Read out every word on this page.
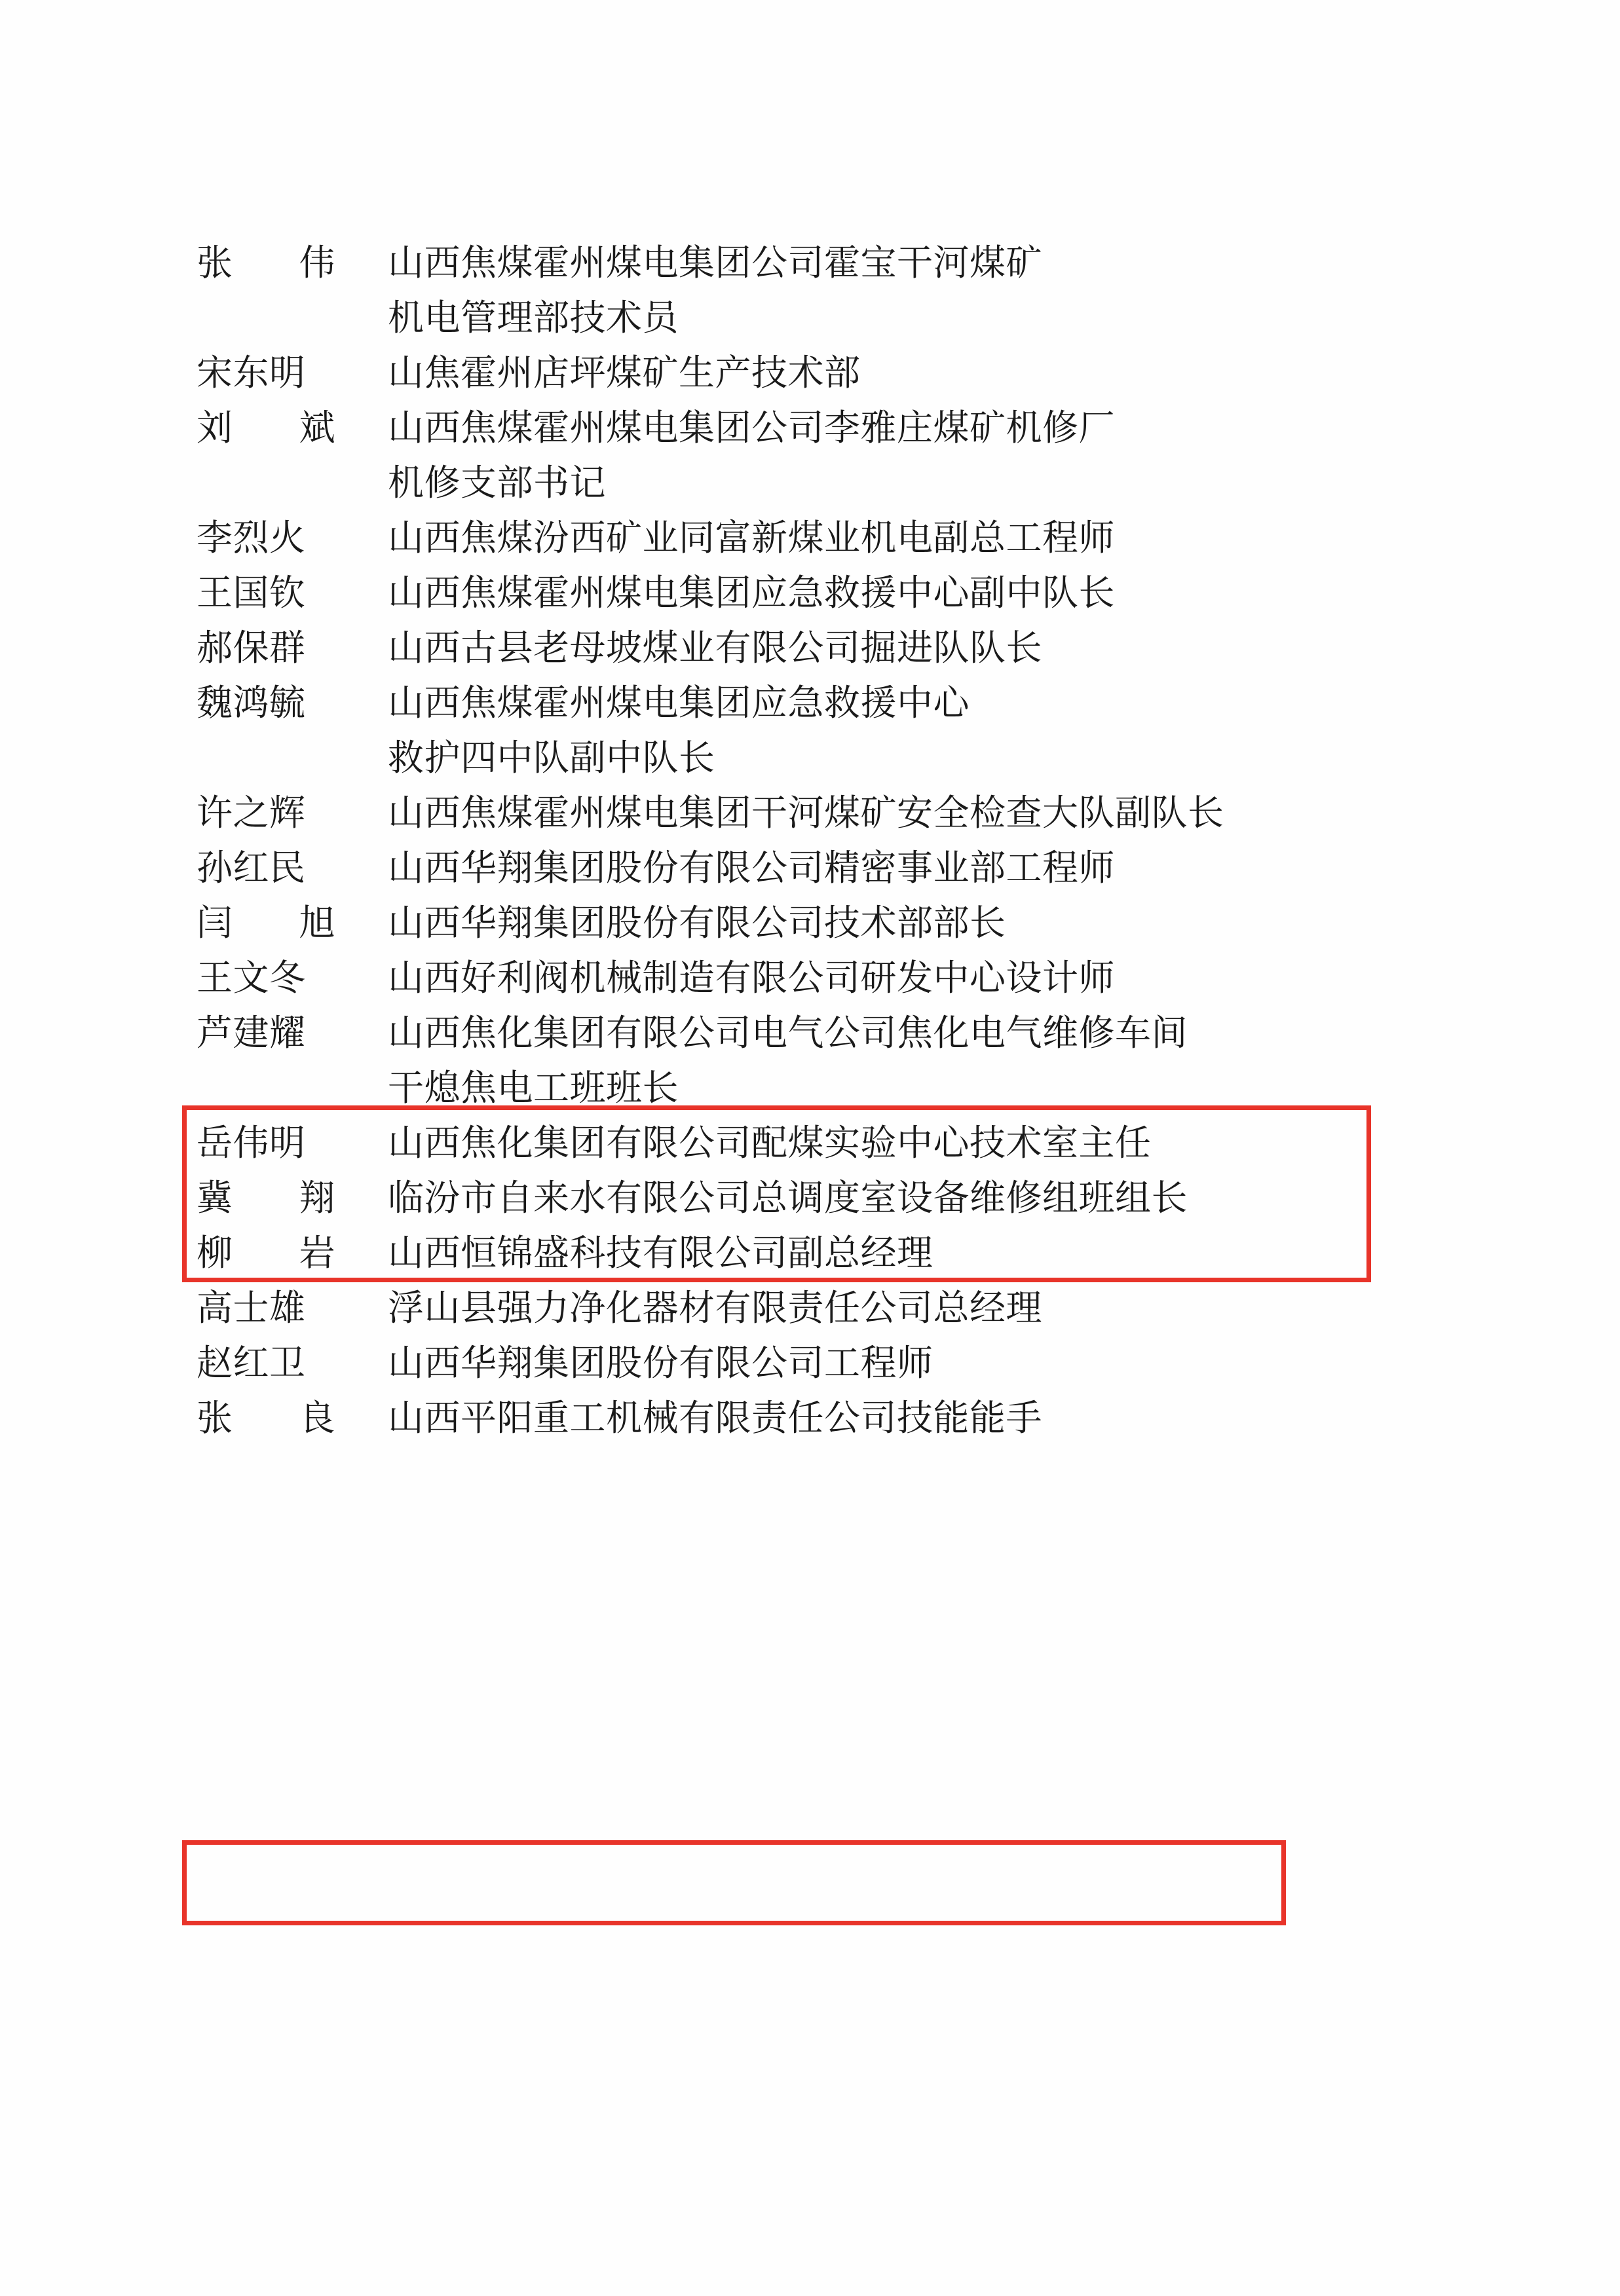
张 伟	山西焦煤霍州煤电集团公司霍宝干河煤矿
机电管理部技术员
宋东明	山焦霍州店坪煤矿生产技术部
刘 斌	山西焦煤霍州煤电集团公司李雅庄煤矿机修厂
机修支部书记
李烈火	山西焦煤汾西矿业同富新煤业机电副总工程师
王国钦	山西焦煤霍州煤电集团应急救援中心副中队长
郝保群	山西古县老母坡煤业有限公司掘进队队长
魏鸿毓	山西焦煤霍州煤电集团应急救援中心
救护四中队副中队长
许之辉	山西焦煤霍州煤电集团干河煤矿安全检查大队副队长
孙红民	山西华翔集团股份有限公司精密事业部工程师
闫 旭	山西华翔集团股份有限公司技术部部长
王文冬	山西好利阀机械制造有限公司研发中心设计师
芦建耀	山西焦化集团有限公司电气公司焦化电气维修车间
干熄焦电工班班长
岳伟明	山西焦化集团有限公司配煤实验中心技术室主任
冀 翔	临汾市自来水有限公司总调度室设备维修组班组长
柳 岩	山西恒锦盛科技有限公司副总经理
高士雄	浮山县强力净化器材有限责任公司总经理
赵红卫	山西华翔集团股份有限公司工程师
张 良	山西平阳重工机械有限责任公司技能能手
